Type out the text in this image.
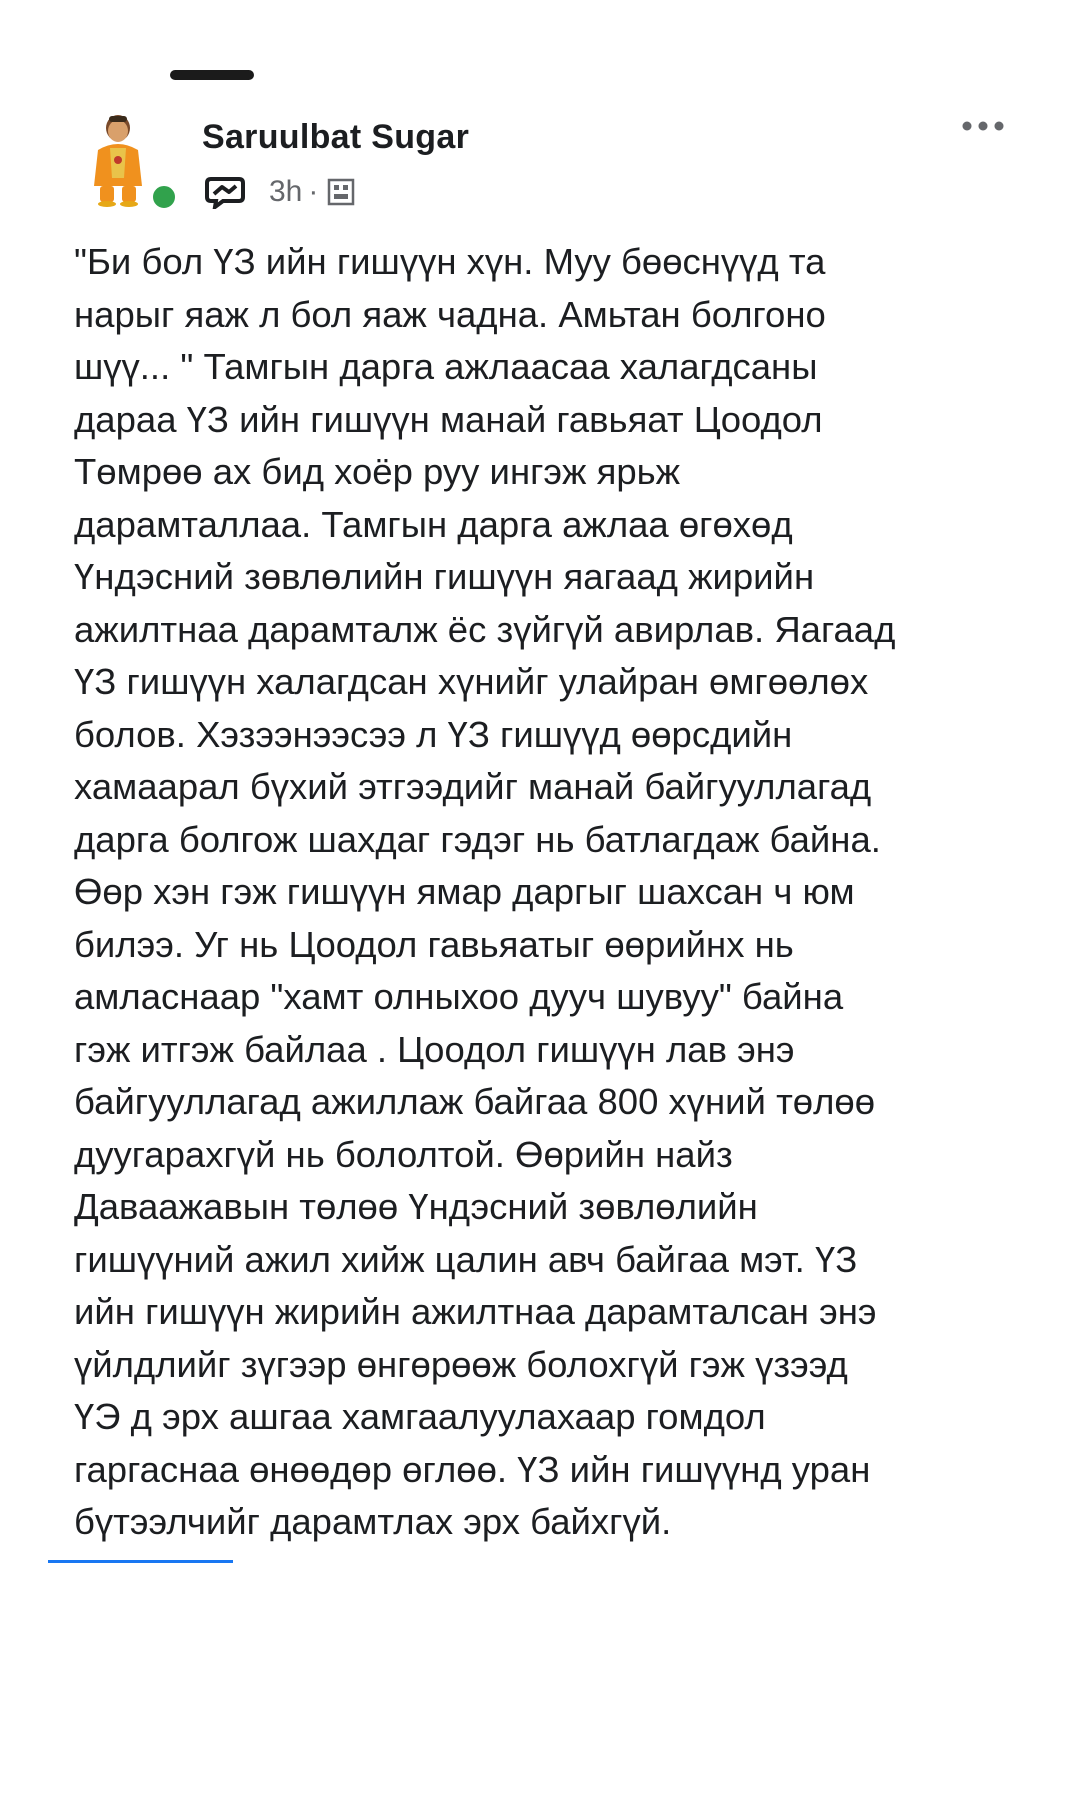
Saruulbat Sugar
3h ·

"Би бол ҮЗ ийн гишүүн хүн. Муу бөөснүүд та
нарыг яаж л бол яаж чадна. Амьтан болгоно
шүү... " Тамгын дарга ажлаасаа халагдсаны
дараа ҮЗ ийн гишүүн манай гавьяат Цоодол
Төмрөө ах бид хоёр руу ингэж ярьж
дарамталлаа. Тамгын дарга ажлаа өгөхөд
Үндэсний зөвлөлийн гишүүн яагаад жирийн
ажилтнаа дарамталж ёс зүйгүй авирлав. Яагаад
ҮЗ гишүүн халагдсан хүнийг улайран өмгөөлөх
болов. Хэзээнээсээ л ҮЗ гишүүд өөрсдийн
хамаарал бүхий этгээдийг манай байгууллагад
дарга болгож шахдаг гэдэг нь батлагдаж байна.
Өөр хэн гэж гишүүн ямар даргыг шахсан ч юм
билээ. Уг нь Цоодол гавьяатыг өөрийнх нь
амласнаар "хамт олныхоо дууч шувуу" байна
гэж итгэж байлаа . Цоодол гишүүн лав энэ
байгууллагад ажиллаж байгаа 800 хүний төлөө
дуугарахгүй нь бололтой. Өөрийн найз
Даваажавын төлөө Үндэсний зөвлөлийн
гишүүний ажил хийж цалин авч байгаа мэт. ҮЗ
ийн гишүүн жирийн ажилтнаа дарамталсан энэ
үйлдлийг зүгээр өнгөрөөж болохгүй гэж үзээд
ҮЭ д эрх ашгаа хамгаалуулахаар гомдол
гаргаснаа өнөөдөр өглөө. ҮЗ ийн гишүүнд уран
бүтээлчийг дарамтлах эрх байхгүй.
